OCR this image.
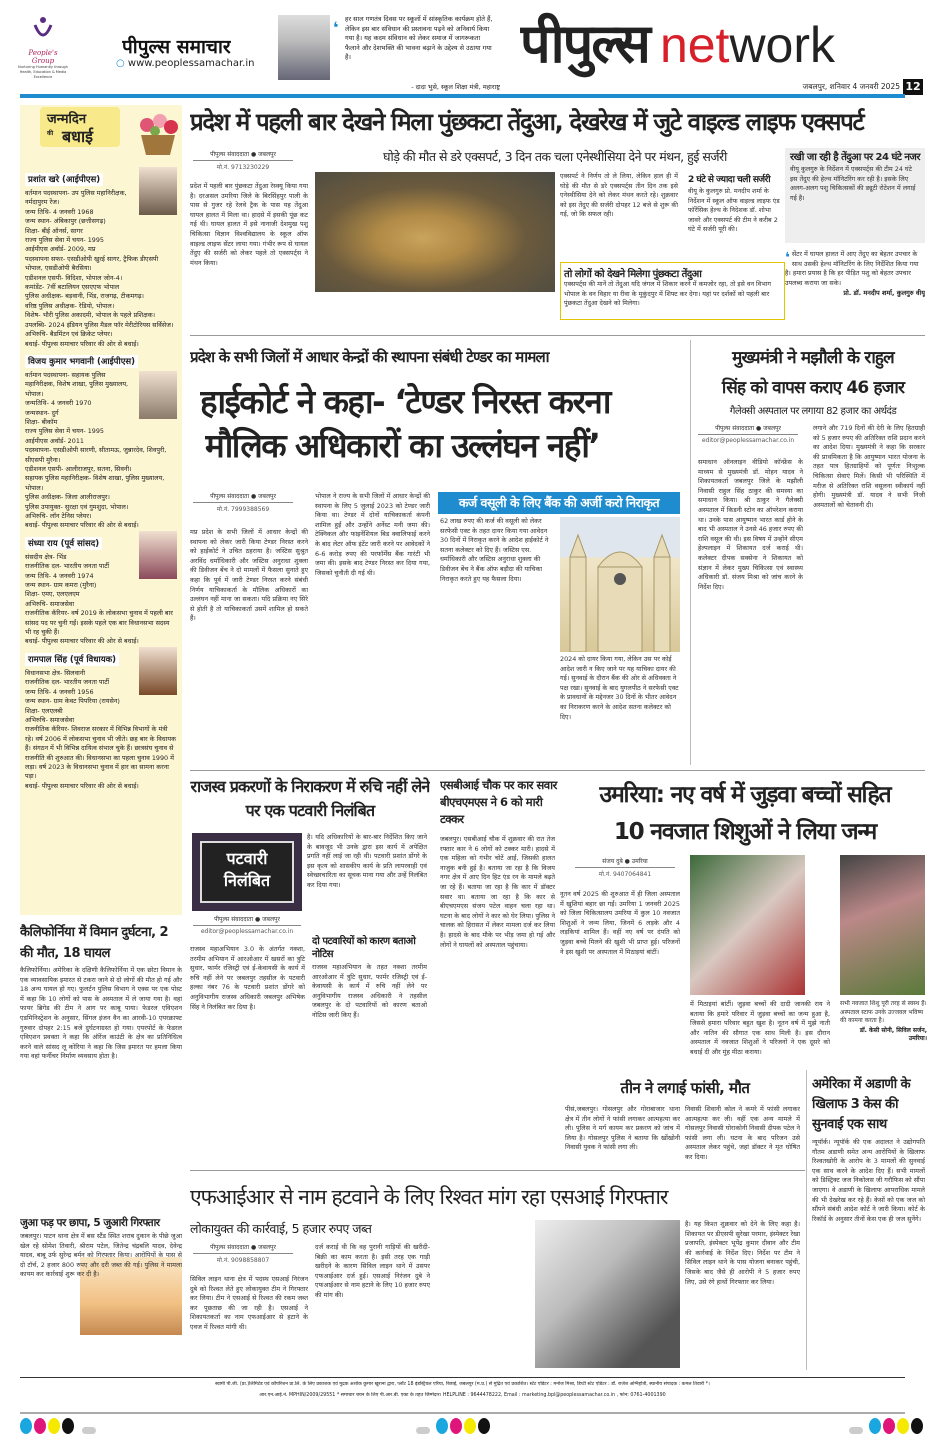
People's Group
Nurturing Humanity through Health, Education & Media Excellence
पीपुल्स समाचार
○ www.peoplessamachar.in
❛ हर साल गणतंत्र दिवस पर स्कूलों में सांस्कृतिक कार्यक्रम होते हैं, लेकिन इस बार संविधान की प्रस्तावना पढ़ने को अनिवार्य किया गया है। यह कदम संविधान को लेकर समाज में जागरूकता फैलाने और देशभक्ति की भावना बढ़ाने के उद्देश्य से उठाया गया है।
- दादा भुसे, स्कूल शिक्षा मंत्री, महाराष्ट्र
पीपुल्स network
जबलपुर, शनिवार 4 जनवरी 2025 12
जन्मदिन
की बधाई
प्रशांत खरे (आईपीएस)
वर्तमान पदस्थापना- उप पुलिस महानिरीक्षक, नर्मदापुरम रेंज।
जन्म तिथि- 4 जनवरी 1968
जन्म स्थान- अंबिकापुर (छत्तीसगढ़)
शिक्षा- बीई ऑनर्स, सागर
राज्य पुलिस सेवा में चयन- 1995
आईपीएस अवॉर्ड- 2009, मप्र
पदस्थापना सफर- एसडीओपी खुरई सागर, ट्रैफिक डीएसपी भोपाल, एसडीओपी बैरसिया।
एडीशनल एसपी- विदिशा, भोपाल जोन-4।
कमांडेंट- 7वीं बटालियन एसएएफ भोपाल
पुलिस अधीक्षक- बड़वानी, भिंड, राजगढ़, टीकमगढ़।
वरिष्ठ पुलिस अधीक्षक- रेडियो, भोपाल।
विशेष- भौरी पुलिस अकादमी, भोपाल के पहले प्रशिक्षक।
उपलब्धि- 2024 इंडियन पुलिस मैडल फॉर मेरीटोरियस सर्विसेज।
अभिरुचि- बैडमिंटन एवं क्रिकेट प्लेयर।
बधाई- पीपुल्स समाचार परिवार की ओर से बधाई।
विजय कुमार भगवानी (आईपीएस)
वर्तमान पदस्थापना- सहायक पुलिस महानिरीक्षक, विशेष शाखा, पुलिस मुख्यालय, भोपाल।
जन्मतिथि- 4 जनवरी 1970
जन्मस्थान- दुर्ग
शिक्षा- बीकॉम
राज्य पुलिस सेवा में चयन- 1995
आईपीएस अवॉर्ड- 2011
पदस्थापना- एसडीओपी सारणी, सीतामऊ, जुन्नारदेव, शिवपुरी, सीएसपी मुरैना।
एडीशनल एसपी- आलीराजपुर, सतना, सिवनी।
सहायक पुलिस महानिरीक्षक- विशेष शाखा, पुलिस मुख्यालय, भोपाल।
पुलिस अधीक्षक- जिला आलीराजपुर।
पुलिस उपायुक्त- सुरक्षा एवं गुमशुदा, भोपाल।
अभिरुचि- लॉन टेनिस प्लेयर।
बधाई- पीपुल्स समाचार परिवार की ओर से बधाई।
संध्या राय (पूर्व सांसद)
संसदीय क्षेत्र- भिंड
राजनीतिक दल- भारतीय जनता पार्टी
जन्म तिथि- 4 जनवरी 1974
जन्म स्थान- ग्राम कमरा (मुरैना)
शिक्षा- एमए, एलएलएम
अभिरुचि- समाजसेवा
राजनीतिक कॅरियर- वर्ष 2019 के लोकसभा चुनाव में पहली बार सांसद पद पर चुनी गईं। इसके पहले एक बार विधानसभा सदस्य भी रह चुकी हैं।
बधाई- पीपुल्स समाचार परिवार की ओर से बधाई।
रामपाल सिंह (पूर्व विधायक)
विधानसभा क्षेत्र- सिलवानी
राजनीतिक दल- भारतीय जनता पार्टी
जन्म तिथि- 4 जनवरी 1956
जन्म स्थान- ग्राम केवट पिपरिया (रायसेन)
शिक्षा- एलएलबी
अभिरुचि- समाजसेवा
राजनीतिक कॅरियर- शिवराज सरकार में विभिन्न विभागों के मंत्री रहे। वर्ष 2006 में लोकसभा चुनाव भी जीते। छह बार के विधायक हैं। संगठन में भी विभिन्न दायित्व संभाल चुके हैं। छात्रसंघ चुनाव से राजनीति की शुरुआत की। विधानसभा का पहला चुनाव 1990 में लड़ा। वर्ष 2023 के विधानसभा चुनाव में हार का सामना करना पड़ा।
बधाई- पीपुल्स समाचार परिवार की ओर से बधाई।
प्रदेश में पहली बार देखने मिला पुंछकटा तेंदुआ, देखरेख में जुटे वाइल्ड लाइफ एक्सपर्ट
पीपुल्स संवाददाता ● जबलपुर
मो.नं. 9713230229
घोड़े की मौत से डरे एक्सपर्ट, 3 दिन तक चला एनेस्थीसिया देने पर मंथन, हुई सर्जरी
प्रदेश में पहली बार पुंछकटा तेंदुआ रेस्क्यू किया गया है। दरअसल उमरिया जिले के बिरसिंहपुर पाली के पास से गुजर रहे रेलवे ट्रैक के पास यह तेंदुआ घायल हालत में मिला था। हादसे में इसकी पूंछ कट गई थी। घायल हालत में इसे नानाजी देशमुख पशु चिकित्सा विज्ञान विश्वविद्यालय के स्कूल ऑफ वाइल्ड लाइफ सेंटर लाया गया। गंभीर रूप से घायल तेंदुए की सर्जरी को लेकर पहले तो एक्सपर्ट्स ने मंथन किया।
एक्सपर्ट ने निर्णय तो ले लिया, लेकिन हाल ही में घोड़े की मौत से डरे एक्सपर्ट्स तीन दिन तक इसे एनेस्थीसिया देने को लेकर मंथन करते रहे। शुक्रवार को इस तेंदुए की सर्जरी दोपहर 12 बजे से शुरू की गई, जो कि सफल रही।
2 घंटे से ज्यादा चली सर्जरी
वीयू के कुलगुरु प्रो. मनदीप शर्मा के निर्देशन में स्कूल ऑफ वाइल्ड लाइफ एंड फॉरेंसिक हेल्थ के निदेशक डॉ. शोभा जावरे और एक्सपर्ट की टीम ने करीब 2 घंटे में सर्जरी पूरी की।
तो लोगों को देखने मिलेगा पुंछकटा तेंदुआ
एक्सपर्ट्स की मानें तो तेंदुआ यदि जंगल में शिकार करने में कमजोर रहा, तो इसे वन विभाग भोपाल के वन विहार या रीवा के मुकुंदपुर में शिफ्ट कर देगा। यहां पर दर्शकों को पहली बार पुंछकटा तेंदुआ देखने को मिलेगा।
रखी जा रही है तेंदुआ पर 24 घंटे नजर
वीयू कुलगुरु के निर्देशन में एक्सपर्ट्स की टीम 24 घंटे इस तेंदुए की हेल्थ मॉनिटरिंग कर रही है। इसके लिए अलग-अलग पशु चिकित्सकों की ड्यूटी रोटेशन में लगाई गई है।
❛ सेंटर में घायल हालत में आए तेंदुए का बेहतर उपचार के साथ उसकी हेल्थ मॉनिटरिंग के लिए निर्देशित किया गया है। हमारा प्रयास है कि हर पीड़ित पशु को बेहतर उपचार उपलब्ध कराया जा सके।
प्रो. डॉ. मनदीप शर्मा, कुलगुरु वीयू
प्रदेश के सभी जिलों में आधार केन्द्रों की स्थापना संबंधी टेण्डर का मामला
हाईकोर्ट ने कहा- ‘टेण्डर निरस्त करना
मौलिक अधिकारों का उल्लंघन नहीं’
पीपुल्स संवाददाता ● जबलपुर
मो.नं. 7999388569
मप्र प्रदेश के सभी जिलों में आधार केन्द्रों की स्थापना को लेकर जारी किया टेण्डर निरस्त करने को हाईकोर्ट ने उचित ठहराया है। जस्टिस सुश्रुत अरविंद धर्माधिकारी और जस्टिस अनुराधा शुक्ला की डिवीजन बेंच ने दो मामलों में फैसला सुनाते हुए कहा कि पूर्व में जारी टेण्डर निरस्त करने संबंधी निर्णय याचिकाकर्ता के मौलिक अधिकारों का उल्लंघन नहीं माना जा सकता। यदि प्रक्रिया नए सिरे से होती है तो याचिकाकर्ता उसमें शामिल हो सकते हैं।
भोपाल ने राज्य के सभी जिलों में आधार केन्द्रों की स्थापना के लिए 5 जुलाई 2023 को टेण्डर जारी किया था। टेण्डर में दोनों याचिकाकर्ता कंपनी शामिल हुईं और उन्होंने अर्नेस्ट मनी जमा की। टेक्निकल और फाइनेंशियल बिड क्वालिफाई करने के बाद लेटर ऑफ इंटेंट जारी करने पर आवेदकों ने 6-6 करोड़ रुपए की परफॉर्मेंस बैंक गारंटी भी जमा की। इसके बाद टेण्डर निरस्त कर दिया गया, जिसको चुनौती दी गई थी।
कर्ज वसूली के लिए बैंक की अर्जी करो निराकृत
62 लाख रुपए की कर्ज की वसूली को लेकर सरफेसी एक्ट के तहत दायर किया गया आवेदन 30 दिनों में निराकृत करने के आदेश हाईकोर्ट ने सतना कलेक्टर को दिए हैं। जस्टिस एस. धर्माधिकारी और जस्टिस अनुराधा शुक्ला की डिवीजन बेंच ने बैंक ऑफ बड़ौदा की याचिका निराकृत करते हुए यह फैसला दिया।
2024 को दायर किया गया, लेकिन उस पर कोई आदेश जारी न किए जाने पर यह याचिका दायर की गई। सुनवाई के दौरान बैंक की ओर से अधिवक्ता ने पक्ष रखा। सुनवाई के बाद युगलपीठ ने सरफेसी एक्ट के प्रावधानों के मद्देनजर 30 दिनों के भीतर आवेदन का निराकरण करने के आदेश सतना कलेक्टर को दिए।
मुख्यमंत्री ने मझौली के राहुल
सिंह को वापस कराए 46 हजार
गैलेक्सी अस्पताल पर लगाया 82 हजार का अर्थदंड
पीपुल्स संवाददाता ● जबलपुर
editor@peoplessamachar.co.in
समाधान ऑनलाइन वीडियो कॉन्फ्रेंस के माध्यम से मुख्यमंत्री डॉ. मोहन यादव ने शिकायतकर्ता जबलपुर जिले के मझौली निवासी राहुल सिंह ठाकुर की समस्या का समाधान किया। श्री ठाकुर ने गैलेक्सी अस्पताल में किडनी स्टोन का ऑपरेशन कराया था। उनके पास आयुष्मान भारत कार्ड होने के बाद भी अस्पताल ने उनसे 46 हजार रुपए की राशि वसूल की थी। इस विषय में उन्होंने सीएम हेल्पलाइन में शिकायत दर्ज कराई थी। कलेक्टर दीपक सक्सेना ने शिकायत को संज्ञान में लेकर मुख्य चिकित्सा एवं स्वास्थ्य अधिकारी डॉ. संजय मिश्रा को जांच करने के निर्देश दिए।
लगाने और 719 दिनों की देरी के लिए हितग्राही को 5 हजार रुपए की अतिरिक्त राशि प्रदान करने का आदेश दिया। मुख्यमंत्री ने कहा कि सरकार की प्राथमिकता है कि आयुष्मान भारत योजना के तहत पात्र हितग्राहियों को पूर्णतः निःशुल्क चिकित्सा सेवाएं मिलें। किसी भी परिस्थिति में मरीज से अतिरिक्त राशि वसूलना स्वीकार्य नहीं होगी। मुख्यमंत्री डॉ. यादव ने सभी निजी अस्पतालों को चेतावनी दी।
राजस्व प्रकरणों के निराकरण में रुचि नहीं लेने पर एक पटवारी निलंबित
पटवारी
निलंबित
पीपुल्स संवाददाता ● जबलपुर
editor@peoplessamachar.co.in
है। यदि अधिकारियों के बार-बार निर्देशित किए जाने के बावजूद भी उनके द्वारा इस कार्य में अपेक्षित प्रगति नहीं लाई जा रही थी। पटवारी प्रशांत डोंगरे के इस कृत्य को शासकीय कार्य के प्रति लापरवाही एवं स्वेच्छाचारिता का सूचक माना गया और उन्हें निलंबित कर दिया गया।
राजस्व महाअभियान 3.0 के अंतर्गत नक्शा, तरमीम अभियान में आरओआर में खसरों का त्रुटि सुधार, फार्मर रजिस्ट्री एवं ई-केवायसी के कार्य में रुचि नहीं लेने पर जबलपुर तहसील के पटवारी हल्का नंबर 76 के पटवारी प्रशांत डोंगरे को अनुविभागीय राजस्व अधिकारी जबलपुर अभिषेक सिंह ने निलंबित कर दिया है।
दो पटवारियों को कारण बताओ नोटिस
राजस्व महाअभियान के तहत नक्शा तरमीम आरओआर में त्रुटि सुधार, फार्मर रजिस्ट्री एवं ई-केवायसी के कार्य में रुचि नहीं लेने पर अनुविभागीय राजस्व अधिकारी ने तहसील जबलपुर के दो पटवारियों को कारण बताओ नोटिस जारी किए हैं।
एसबीआई चौक पर कार सवार बीएचएमएस ने 6 को मारी टक्कर
जबलपुर। एसबीआई चौक में शुक्रवार की रात तेज रफ्तार कार ने 6 लोगों को टक्कर मारी। हादसे में एक महिला को गंभीर चोटें आईं, जिसकी हालत नाजुक बनी हुई है। बताया जा रहा है कि विजय नगर क्षेत्र में आए दिन हिट एंड रन के मामले बढ़ते जा रहे हैं। बताया जा रहा है कि कार में डॉक्टर सवार था। बताया जा रहा है कि कार से बीएचएमएस संजय पटेल वाहन चला रहा था। घटना के बाद लोगों ने कार को घेर लिया। पुलिस ने चालक को हिरासत में लेकर मामला दर्ज कर लिया है। हादसे के बाद मौके पर भीड़ जमा हो गई और लोगों ने घायलों को अस्पताल पहुंचाया।
उमरिया: नए वर्ष में जुड़वा बच्चों सहित
10 नवजात शिशुओं ने लिया जन्म
संजय दुबे ● उमरिया
मो.नं. 9407064841
नूतन वर्ष 2025 की शुरुआत में ही जिला अस्पताल में खुशियां बहार छा गईं। उमरिया 1 जनवरी 2025 को जिला चिकित्सालय उमरिया में कुल 10 नवजात शिशुओं ने जन्म लिया, जिनमें 6 लड़के और 4 लड़कियां शामिल हैं। वहीं नए वर्ष पर दंपति को जुड़वा बच्चे मिलने की खुशी भी प्राप्त हुई। परिजनों ने इस खुशी पर अस्पताल में मिठाइयां बांटीं।
में मिठाइयां बांटीं। जुड़वा बच्चों की दादी जानकी राय ने बताया कि हमारे परिवार में जुड़वा बच्चों का जन्म हुआ है, जिससे हमारा परिवार बहुत खुश है। नूतन वर्ष में मुझे नाती और नातिन की सौगात एक साथ मिली है। इस दौरान अस्पताल में नवजात शिशुओं ने परिजनों ने एक दूसरे को बधाई दी और मुंह मीठा कराया।
सभी नवजात शिशु पूरी तरह से स्वस्थ हैं। अस्पताल स्टाफ उनके उज्जवल भविष्य की कामना करता है।
डॉ. केसी सोनी, सिविल सर्जन, उमरिया।
तीन ने लगाई फांसी, मौत
पीसं,जबलपुर। गोसलपुर और गोराबाजार थाना क्षेत्र में तीन लोगों ने फांसी लगाकर आत्महत्या कर ली। पुलिस ने मर्ग कायम कर प्रकरण को जांच में लिया है। गोसलपुर पुलिस ने बताया कि खोंखोनी निवासी युवक ने फांसी लगा ली।
निवासी शिवानी कोल ने कमरे में फांसी लगाकर आत्महत्या कर ली। वहीं एक अन्य मामले में गोसलपुर निवासी घोराकोनी निवासी दीपक पटेल ने फांसी लगा ली। घटना के बाद परिजन उसे अस्पताल लेकर पहुंचे, जहां डॉक्टर ने मृत घोषित कर दिया।
अमेरिका में अडाणी के खिलाफ 3 केस की सुनवाई एक साथ
न्यूयॉर्क। न्यूयॉर्क की एक अदालत ने उद्योगपति गौतम अडाणी समेत अन्य आरोपियों के खिलाफ रिश्वतखोरी के आरोप के 3 मामलों की सुनवाई एक साथ करने के आदेश दिए हैं। सभी मामलों को डिस्ट्रिक्ट जज निकोलस जी गरौफिस को सौंपा जाएगा। वे अडाणी के खिलाफ आपराधिक मामले की भी देखरेख कर रहे हैं। केसों को एक जज को सौंपने संबंधी आदेश कोर्ट ने जारी किया। कोर्ट के रिकॉर्ड के अनुसार तीनों केस एक ही जज सुनेंगे।
कैलिफोर्निया में विमान दुर्घटना, 2 की मौत, 18 घायल
कैलिफोर्निया। अमेरिका के दक्षिणी कैलिफोर्निया में एक छोटा विमान के एक व्यावसायिक इमारत से टकरा जाने से दो लोगों की मौत हो गई और 18 अन्य घायल हो गए। फुलर्टन पुलिस विभाग ने एक्स पर एक पोस्ट में कहा कि 10 लोगों को पास के अस्पताल में ले जाया गया है। वहां फायर ब्रिगेड की टीम ने आग पर काबू पाया। फेडरल एविएशन एडमिनिस्ट्रेशन के अनुसार, सिंगल इंजन वैन का आरवी-10 एयरक्राफ्ट गुरुवार दोपहर 2:15 बजे दुर्घटनाग्रस्त हो गया। एयरपोर्ट के फेडरल एविएशन प्रवक्ता ने कहा कि ऑरेंज काउंटी के क्षेत्र का प्रतिनिधित्व करने वाले सांसद लू कोरिया ने कहा कि जिस इमारत पर हमला किया गया वहां फर्नीचर निर्माण व्यवसाय होता है।
जुआ फड़ पर छापा, 5 जुआरी गिरफ्तार
जबलपुर। पाटन थाना क्षेत्र में बस स्टैंड स्थित शराब दुकान के पीछे जुआ खेल रहे सोमेश तिवारी, श्रीराम पटेल, जितेन्द्र चंद्रबलि यादव, देवेन्द्र यादव, बाबू उर्फ सुरेन्द्र बर्मन को गिरफ्तार किया। आरोपियों के पास से दो टॉर्च, 2 हजार 800 रुपए और दरी जब्त की गई। पुलिस ने मामला कायम कर कार्रवाई शुरू कर दी है।
एफआईआर से नाम हटवाने के लिए रिश्वत मांग रहा एसआई गिरफ्तार
लोकायुक्त की कार्रवाई, 5 हजार रुपए जब्त
पीपुल्स संवाददाता ● जबलपुर
मो.नं. 9098858807
सिविल लाइन थाना क्षेत्र में पदस्थ एसआई निरंजन दुबे को रिश्वत लेते हुए लोकायुक्त टीम ने गिरफ्तार कर लिया। टीम ने एसआई से रिश्वत की रकम जब्त कर पूछताछ की जा रही है। एसआई ने शिकायतकर्ता का नाम एफआईआर से हटाने के एवज में रिश्वत मांगी थी।
दर्ज कराई थी कि वह पुरानी गाड़ियों की खरीदी-बिक्री का काम करता है। इसी तरह एक गाड़ी खरीदने के कारण सिविल लाइन थाने में उसपर एफआईआर दर्ज हुई। एसआई निरंजन दुबे ने एफआईआर से नाम हटाने के लिए 10 हजार रुपए की मांग की।
है। यह किश्त शुक्रवार को देने के लिए कहा है। शिकायत पर डीएसपी सुरेखा परमार, इंस्पेक्टर रेखा प्रजापति, इंस्पेक्टर भूपेंद्र कुमार दीवान और टीम की कार्रवाई के निर्देश दिए। निर्देश पर टीम ने सिविल लाइन थाने के पास योजना बनाकर पहुंची, जिसके बाद जैसे ही आरोपी ने 5 हजार रुपए लिए, उसे रंगे हाथों गिरफ्तार कर लिया।
स्वामी पी.जी. (प्रा.)लिमिटेड एवं कॉर्पोरेशन प्रा.लि. के लिए प्रकाशक एवं मुद्रक अशोक कुमार खुराना द्वारा, प्लॉट 18 इंडस्ट्रियल एरिया, रिछाई, जबलपुर (म.प्र.) से मुद्रित एवं प्रकाशित। स्टेट एडिटर : मनोज मिश्रा, डिप्टी स्टेट एडिटर : डॉ. राजेश अग्निहोत्री, स्थानीय संपादक : कमल तिवारी *।
आर.एन.आई.नं. MPHIN/2009/29551 * समाचार चयन के लिए पी.आर.बी. एक्ट के तहत जिम्मेदार। HELPLINE : 9644478222, Email : marketing.bpl@peoplessamachar.co.in , फोन: 0761-4001390
